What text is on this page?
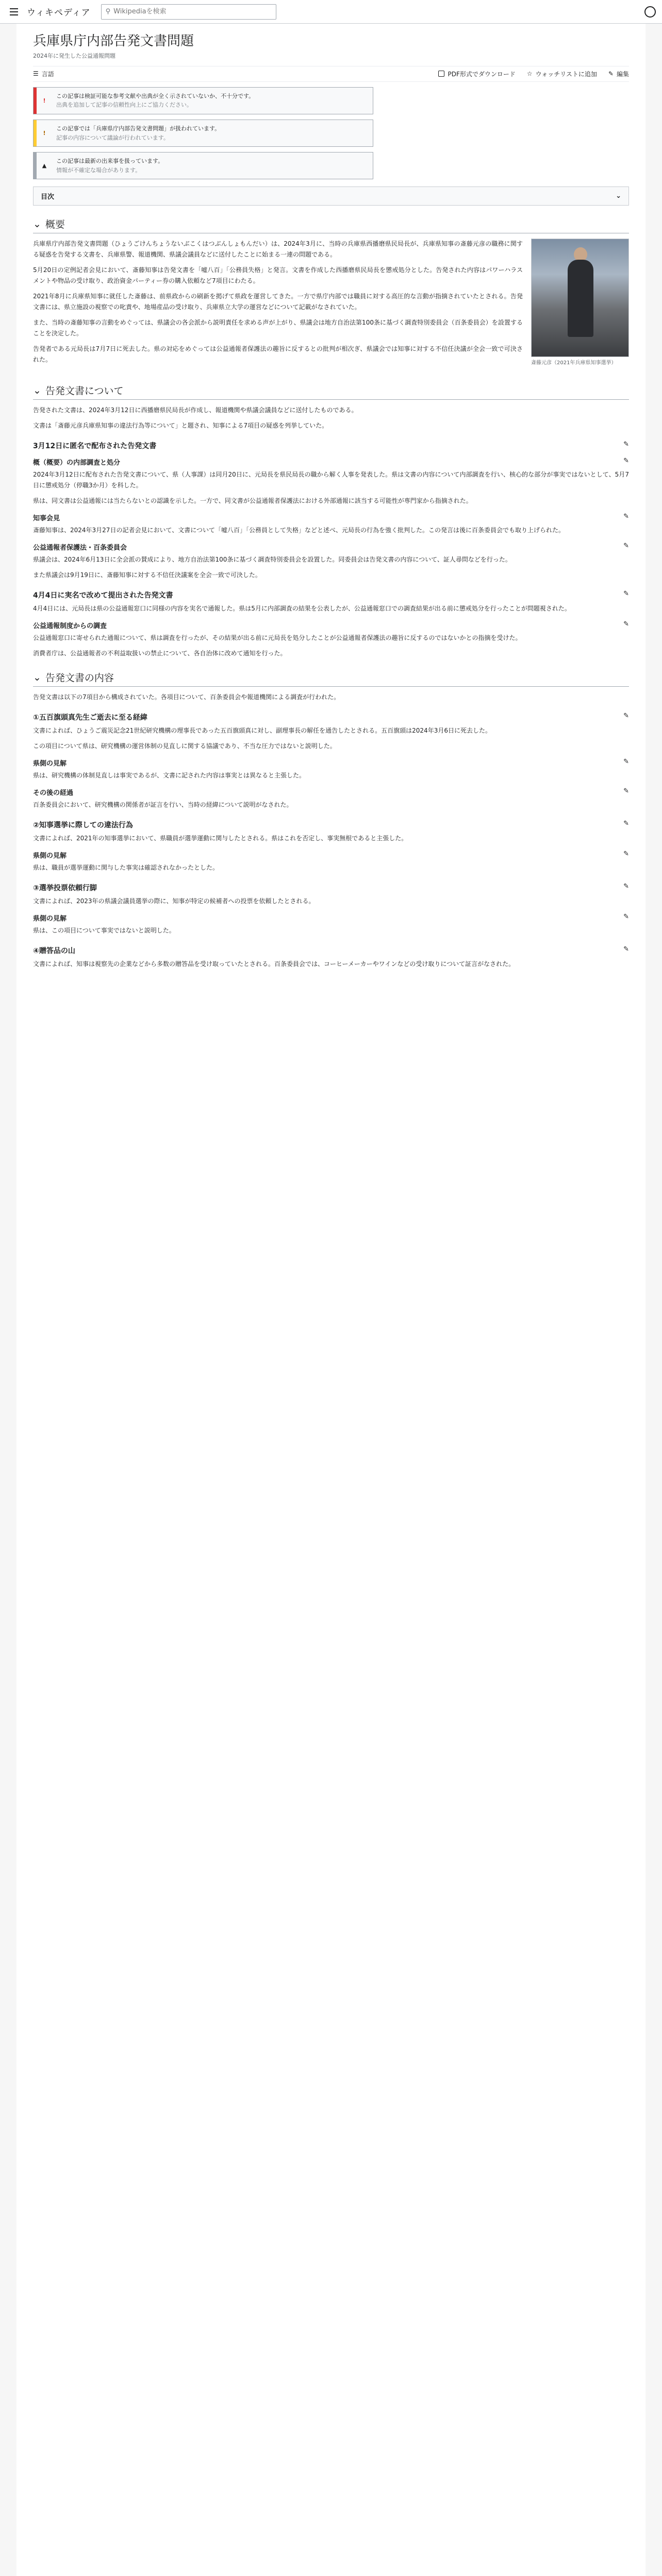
ウィキペディア ⚲
Wikipediaを検索
兵庫県庁内部告発文書問題
2024年に発生した公益通報問題
☰ 言語	PDF形式でダウンロード ☆ ウォッチリストに追加 ✎ 編集
!
この記事は検証可能な参考文献や出典が全く示されていないか、不十分です。
出典を追加して記事の信頼性向上にご協力ください。
!
この記事では「兵庫県庁内部告発文書問題」が扱われています。
記事の内容について議論が行われています。
▲
この記事は最新の出来事を扱っています。
情報が不確定な場合があります。
目次	⌄
⌄ 概要
斎藤元彦（2021年兵庫県知事選挙）

兵庫県庁内部告発文書問題（ひょうごけんちょうないぶこくはつぶんしょもんだい）は、2024年3月に、当時の兵庫県西播磨県民局長が、兵庫県知事の斎藤元彦の職務に関する疑惑を告発する文書を、兵庫県警、報道機関、県議会議員などに送付したことに始まる一連の問題である。

5月20日の定例記者会見において、斎藤知事は告発文書を「嘘八百」「公務員失格」と発言。文書を作成した西播磨県民局長を懲戒処分とした。告発された内容はパワーハラスメントや物品の受け取り、政治資金パーティー券の購入依頼など7項目にわたる。

2021年8月に兵庫県知事に就任した斎藤は、前県政からの刷新を掲げて県政を運営してきた。一方で県庁内部では職員に対する高圧的な言動が指摘されていたとされる。告発文書には、県立施設の視察での叱責や、地場産品の受け取り、兵庫県立大学の運営などについて記載がなされていた。

また、当時の斎藤知事の言動をめぐっては、県議会の各会派から説明責任を求める声が上がり、県議会は地方自治法第100条に基づく調査特別委員会（百条委員会）を設置することを決定した。

告発者である元局長は7月7日に死去した。県の対応をめぐっては公益通報者保護法の趣旨に反するとの批判が相次ぎ、県議会では知事に対する不信任決議が全会一致で可決された。

⌄ 告発文書について

告発された文書は、2024年3月12日に西播磨県民局長が作成し、報道機関や県議会議員などに送付したものである。

文書は「斎藤元彦兵庫県知事の違法行為等について」と題され、知事による7項目の疑惑を列挙していた。

3月12日に匿名で配布された告発文書	✎
概（概要）の内部調査と処分	✎

2024年3月12日に配布された告発文書について、県（人事課）は同月20日に、元局長を県民局長の職から解く人事を発表した。県は文書の内容について内部調査を行い、核心的な部分が事実ではないとして、5月7日に懲戒処分（停職3か月）を科した。

県は、同文書は公益通報には当たらないとの認識を示した。一方で、同文書が公益通報者保護法における外部通報に該当する可能性が専門家から指摘された。

知事会見	✎

斎藤知事は、2024年3月27日の記者会見において、文書について「嘘八百」「公務員として失格」などと述べ、元局長の行為を強く批判した。この発言は後に百条委員会でも取り上げられた。

公益通報者保護法・百条委員会	✎

県議会は、2024年6月13日に全会派の賛成により、地方自治法第100条に基づく調査特別委員会を設置した。同委員会は告発文書の内容について、証人尋問などを行った。

また県議会は9月19日に、斎藤知事に対する不信任決議案を全会一致で可決した。

4月4日に実名で改めて提出された告発文書	✎

4月4日には、元局長は県の公益通報窓口に同様の内容を実名で通報した。県は5月に内部調査の結果を公表したが、公益通報窓口での調査結果が出る前に懲戒処分を行ったことが問題視された。

公益通報制度からの調査	✎

公益通報窓口に寄せられた通報について、県は調査を行ったが、その結果が出る前に元局長を処分したことが公益通報者保護法の趣旨に反するのではないかとの指摘を受けた。

消費者庁は、公益通報者の不利益取扱いの禁止について、各自治体に改めて通知を行った。

⌄ 告発文書の内容

告発文書は以下の7項目から構成されていた。各項目について、百条委員会や報道機関による調査が行われた。

①五百旗頭真先生ご逝去に至る経緯	✎

文書によれば、ひょうご震災記念21世紀研究機構の理事長であった五百旗頭真に対し、副理事長の解任を通告したとされる。五百旗頭は2024年3月6日に死去した。

この項目について県は、研究機構の運営体制の見直しに関する協議であり、不当な圧力ではないと説明した。

県側の見解	✎

県は、研究機構の体制見直しは事実であるが、文書に記された内容は事実とは異なると主張した。

その後の経過	✎

百条委員会において、研究機構の関係者が証言を行い、当時の経緯について説明がなされた。

②知事選挙に際しての違法行為	✎

文書によれば、2021年の知事選挙において、県職員が選挙運動に関与したとされる。県はこれを否定し、事実無根であると主張した。

県側の見解	✎

県は、職員が選挙運動に関与した事実は確認されなかったとした。

③選挙投票依頼行脚	✎

文書によれば、2023年の県議会議員選挙の際に、知事が特定の候補者への投票を依頼したとされる。

県側の見解	✎

県は、この項目について事実ではないと説明した。

④贈答品の山	✎

文書によれば、知事は視察先の企業などから多数の贈答品を受け取っていたとされる。百条委員会では、コーヒーメーカーやワインなどの受け取りについて証言がなされた。
